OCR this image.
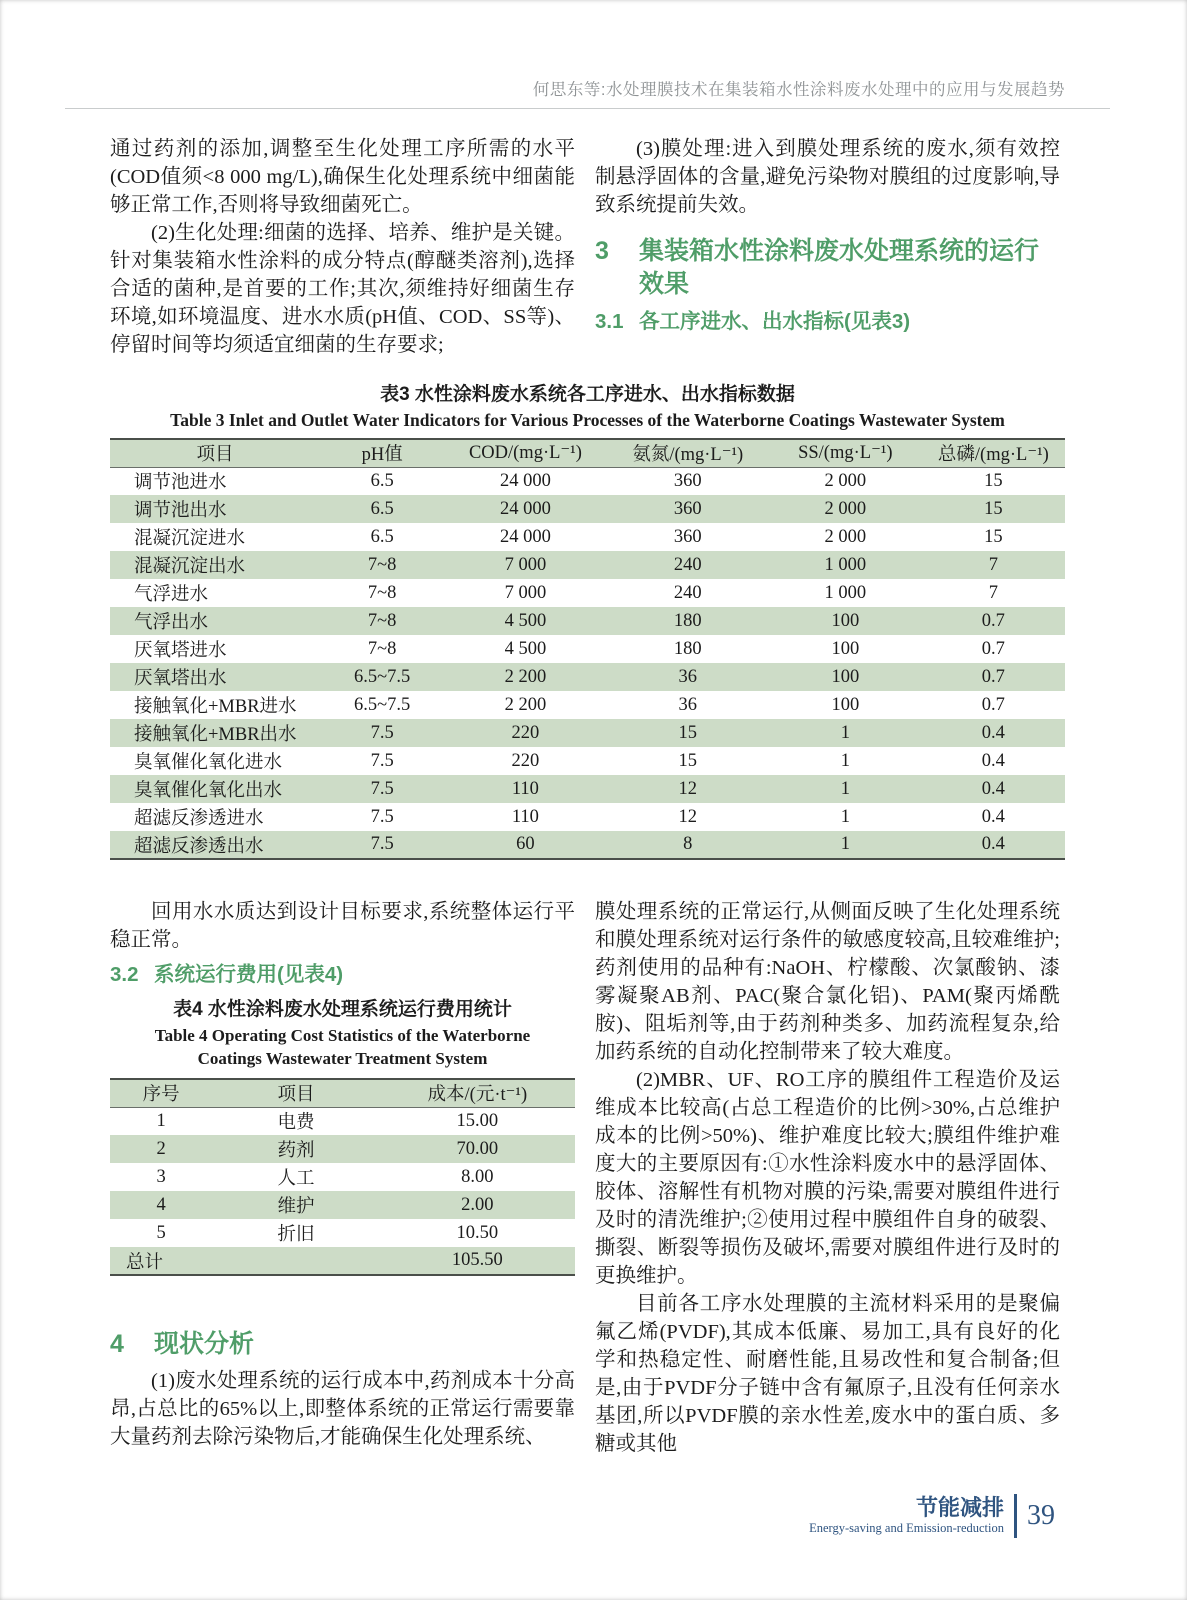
何思东等:水处理膜技术在集装箱水性涂料废水处理中的应用与发展趋势

通过药剂的添加,调整至生化处理工序所需的水平(COD值须<8 000 mg/L),确保生化处理系统中细菌能够正常工作,否则将导致细菌死亡。

(2)生化处理:细菌的选择、培养、维护是关键。针对集装箱水性涂料的成分特点(醇醚类溶剂),选择合适的菌种,是首要的工作;其次,须维持好细菌生存环境,如环境温度、进水水质(pH值、COD、SS等)、停留时间等均须适宜细菌的生存要求;

(3)膜处理:进入到膜处理系统的废水,须有效控制悬浮固体的含量,避免污染物对膜组的过度影响,导致系统提前失效。

3	集装箱水性涂料废水处理系统的运行效果
3.1 各工序进水、出水指标(见表3)
表3 水性涂料废水系统各工序进水、出水指标数据
Table 3 Inlet and Outlet Water Indicators for Various Processes of the Waterborne Coatings Wastewater System
项目	pH值	COD/(mg·L⁻¹)	氨氮/(mg·L⁻¹)	SS/(mg·L⁻¹)	总磷/(mg·L⁻¹)
调节池进水	6.5	24 000	360	2 000	15
调节池出水	6.5	24 000	360	2 000	15
混凝沉淀进水	6.5	24 000	360	2 000	15
混凝沉淀出水	7~8	7 000	240	1 000	7
气浮进水	7~8	7 000	240	1 000	7
气浮出水	7~8	4 500	180	100	0.7
厌氧塔进水	7~8	4 500	180	100	0.7
厌氧塔出水	6.5~7.5	2 200	36	100	0.7
接触氧化+MBR进水	6.5~7.5	2 200	36	100	0.7
接触氧化+MBR出水	7.5	220	15	1	0.4
臭氧催化氧化进水	7.5	220	15	1	0.4
臭氧催化氧化出水	7.5	110	12	1	0.4
超滤反渗透进水	7.5	110	12	1	0.4
超滤反渗透出水	7.5	60	8	1	0.4

回用水水质达到设计目标要求,系统整体运行平稳正常。

3.2 系统运行费用(见表4)
表4 水性涂料废水处理系统运行费用统计
Table 4 Operating Cost Statistics of the Waterborne Coatings Wastewater Treatment System
序号	项目	成本/(元·t⁻¹)
1	电费	15.00
2	药剂	70.00
3	人工	8.00
4	维护	2.00
5	折旧	10.50
总计		105.50
4	现状分析

(1)废水处理系统的运行成本中,药剂成本十分高昂,占总比的65%以上,即整体系统的正常运行需要靠大量药剂去除污染物后,才能确保生化处理系统、

膜处理系统的正常运行,从侧面反映了生化处理系统和膜处理系统对运行条件的敏感度较高,且较难维护;药剂使用的品种有:NaOH、柠檬酸、次氯酸钠、漆雾凝聚AB剂、PAC(聚合氯化铝)、PAM(聚丙烯酰胺)、阻垢剂等,由于药剂种类多、加药流程复杂,给加药系统的自动化控制带来了较大难度。

(2)MBR、UF、RO工序的膜组件工程造价及运维成本比较高(占总工程造价的比例>30%,占总维护成本的比例>50%)、维护难度比较大;膜组件维护难度大的主要原因有:①水性涂料废水中的悬浮固体、胶体、溶解性有机物对膜的污染,需要对膜组件进行及时的清洗维护;②使用过程中膜组件自身的破裂、撕裂、断裂等损伤及破坏,需要对膜组件进行及时的更换维护。

目前各工序水处理膜的主流材料采用的是聚偏氟乙烯(PVDF),其成本低廉、易加工,具有良好的化学和热稳定性、耐磨性能,且易改性和复合制备;但是,由于PVDF分子链中含有氟原子,且没有任何亲水基团,所以PVDF膜的亲水性差,废水中的蛋白质、多糖或其他

节能减排
Energy-saving and Emission-reduction 39
